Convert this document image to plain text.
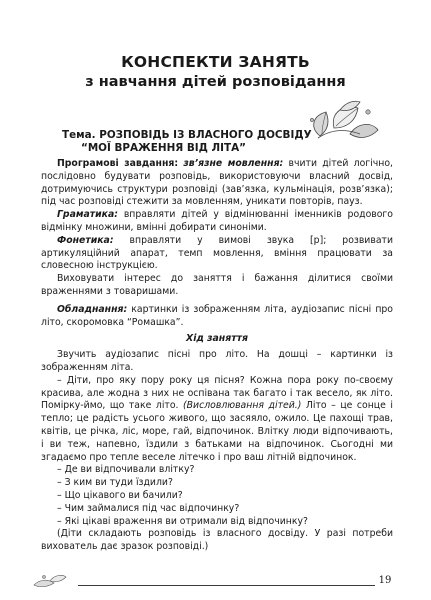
КОНСПЕКТИ ЗАНЯТЬ
з навчання дітей розповідання
Тема. РОЗПОВІДЬ ІЗ ВЛАСНОГО ДОСВІДУ
“МОЇ ВРАЖЕННЯ ВІД ЛІТА”

Програмові завдання: зв’язне мовлення: вчити дітей логічно, послідовно будувати розповідь, використовуючи власний досвід, дотримуючись структури розповіді (зав’язка, кульмінація, розв’язка); під час розповіді стежити за мовленням, уникати повторів, пауз.

Граматика: вправляти дітей у відмінюванні іменників родового відмінку множини, вмінні добирати синоніми.

Фонетика: вправляти у вимові звука [р]; розвивати артикуляційний апарат, темп мовлення, вміння працювати за словесною інструкцією.

Виховувати інтерес до заняття і бажання ділитися своїми враженнями з товаришами.

Обладнання: картинки із зображенням літа, аудіозапис пісні про літо, скоромовка “Ромашка”.

Хід заняття

Звучить аудіозапис пісні про літо. На дошці – картинки із зображенням літа.

– Діти, про яку пору року ця пісня? Кожна пора року по-своєму красива, але жодна з них не оспівана так багато і так весело, як літо. Помірку-ймо, що таке літо. (Висловлювання дітей.) Літо – це сонце і тепло; це радість усього живого, що засяяло, ожило. Це пахощі трав, квітів, це річка, ліс, море, гай, відпочинок. Влітку люди відпочивають, і ви теж, напевно, їздили з батьками на відпочинок. Сьогодні ми згадаємо про тепле веселе літечко і про ваш літній відпочинок.

– Де ви відпочивали влітку?

– З ким ви туди їздили?

– Що цікавого ви бачили?

– Чим займалися під час відпочинку?

– Які цікаві враження ви отримали від відпочинку?

(Діти складають розповідь із власного досвіду. У разі потреби вихователь дає зразок розповіді.)

19
